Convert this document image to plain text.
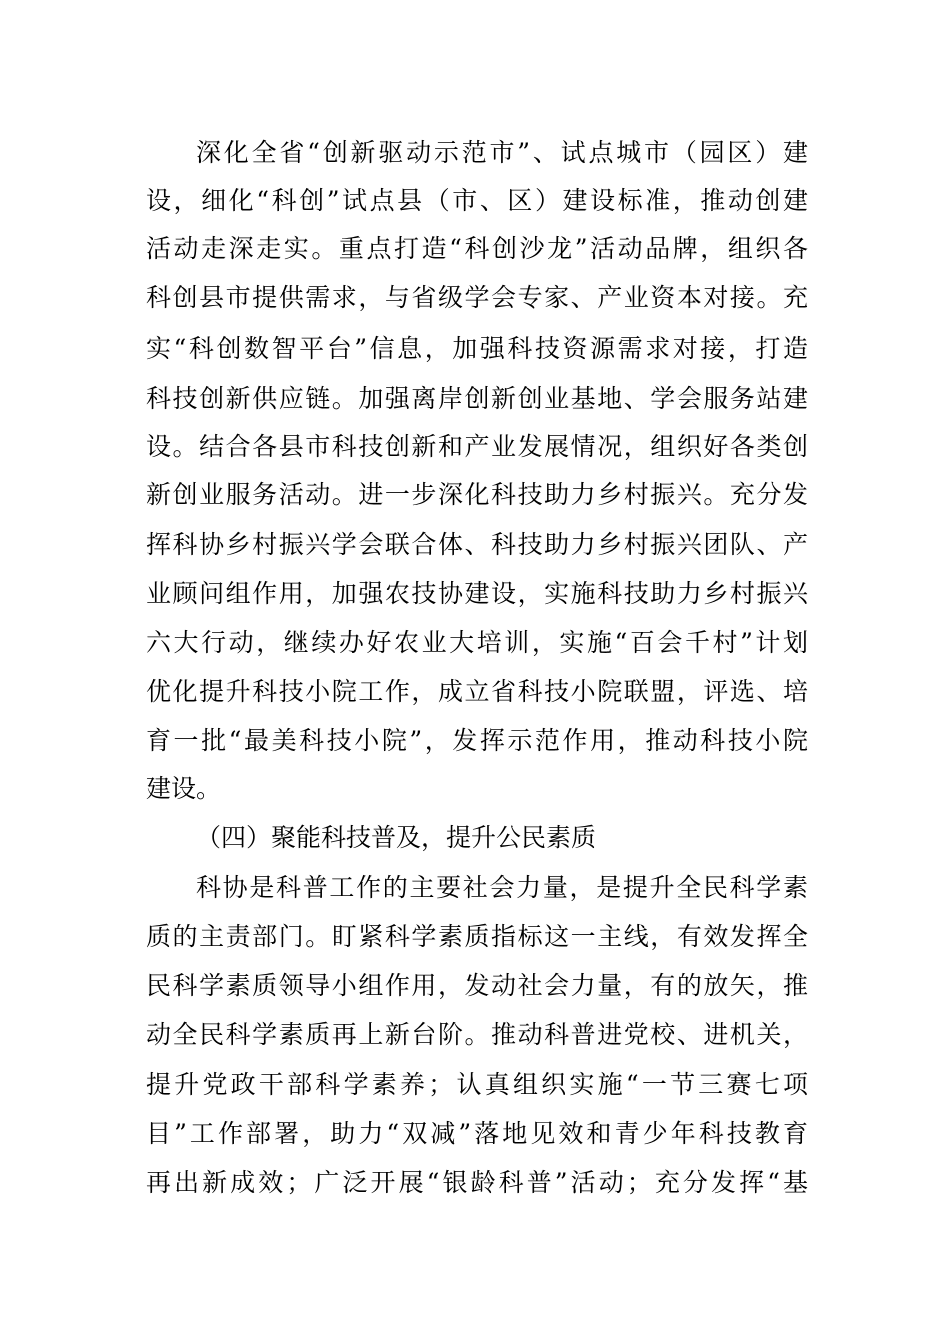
深化全省“创新驱动示范市”、试点城市（园区）建

设，细化“科创”试点县（市、区）建设标准，推动创建

活动走深走实。重点打造“科创沙龙”活动品牌，组织各

科创县市提供需求，与省级学会专家、产业资本对接。充

实“科创数智平台”信息，加强科技资源需求对接，打造

科技创新供应链。加强离岸创新创业基地、学会服务站建

设。结合各县市科技创新和产业发展情况，组织好各类创

新创业服务活动。进一步深化科技助力乡村振兴。充分发

挥科协乡村振兴学会联合体、科技助力乡村振兴团队、产

业顾问组作用，加强农技协建设，实施科技助力乡村振兴

六大行动，继续办好农业大培训，实施“百会千村”计划

优化提升科技小院工作，成立省科技小院联盟，评选、培

育一批“最美科技小院”，发挥示范作用，推动科技小院

建设。

（四）聚能科技普及，提升公民素质

科协是科普工作的主要社会力量，是提升全民科学素

质的主责部门。盯紧科学素质指标这一主线，有效发挥全

民科学素质领导小组作用，发动社会力量，有的放矢，推

动全民科学素质再上新台阶。推动科普进党校、进机关，

提升党政干部科学素养；认真组织实施“一节三赛七项

目”工作部署，助力“双减”落地见效和青少年科技教育

再出新成效；广泛开展“银龄科普”活动；充分发挥“基
